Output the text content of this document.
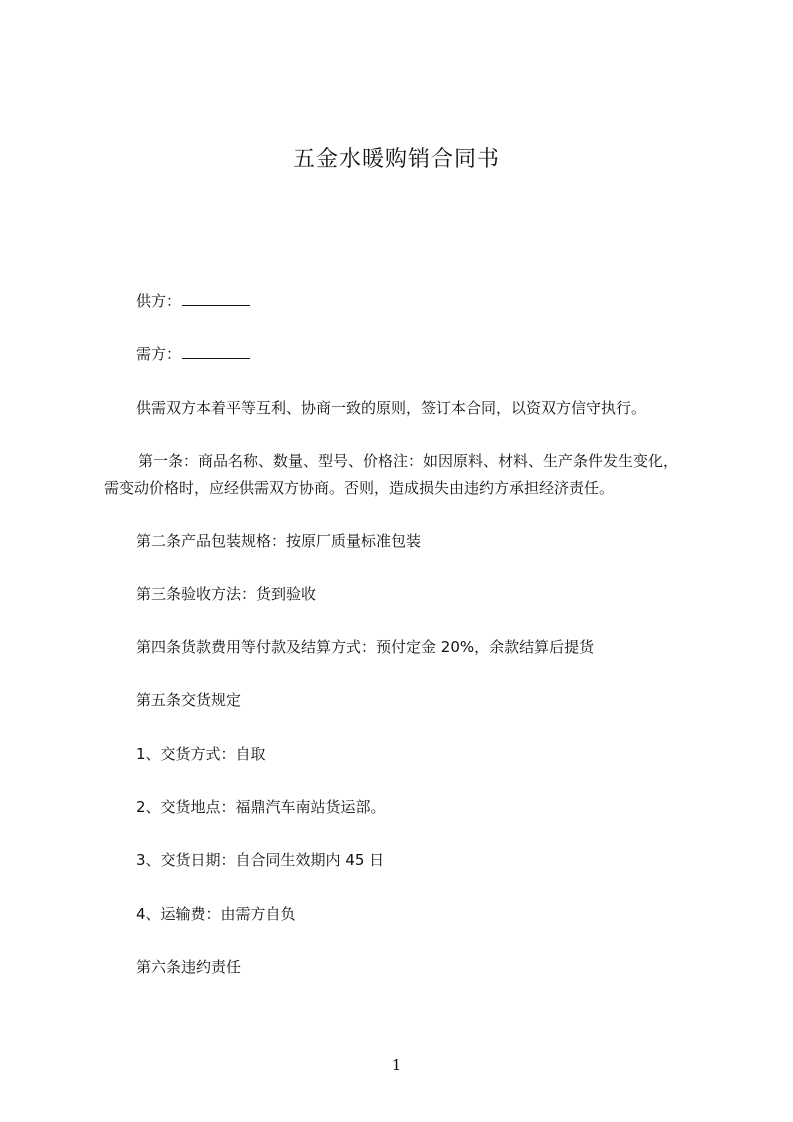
五金水暖购销合同书
供方：
需方：
供需双方本着平等互利、协商一致的原则，签订本合同，以资双方信守执行。
第一条：商品名称、数量、型号、价格注：如因原料、材料、生产条件发生变化，
需变动价格时，应经供需双方协商。否则，造成损失由违约方承担经济责任。
第二条产品包装规格：按原厂质量标准包装
第三条验收方法：货到验收
第四条货款费用等付款及结算方式：预付定金 20%，余款结算后提货
第五条交货规定
1、交货方式：自取
2、交货地点：福鼎汽车南站货运部。
3、交货日期：自合同生效期内 45 日
4、运输费：由需方自负
第六条违约责任
1
